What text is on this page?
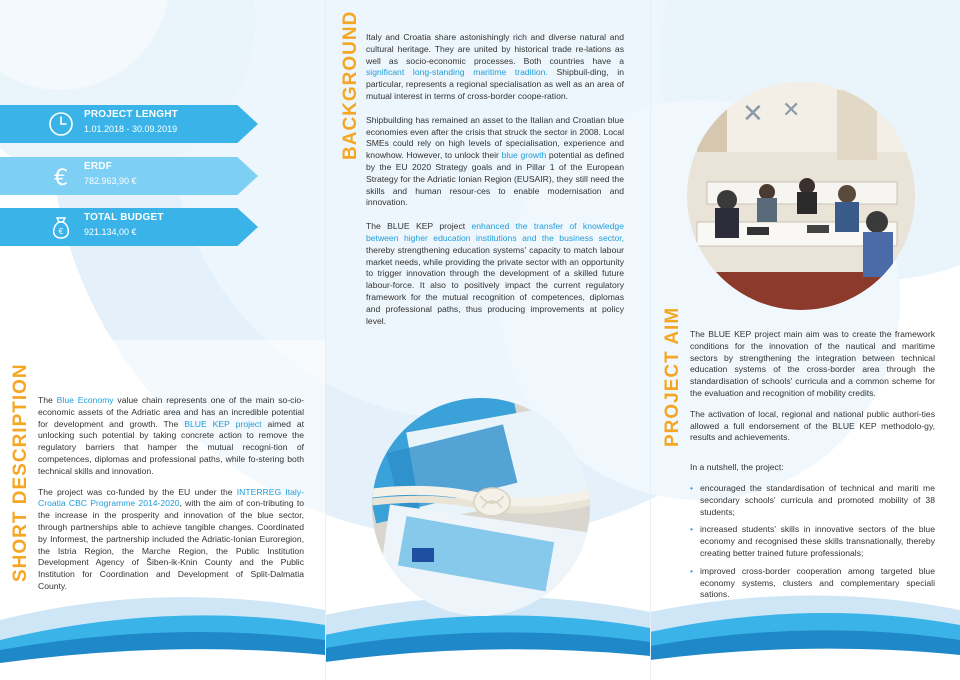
PROJECT LENGHT
1.01.2018 - 30.09.2019
€ ERDF
782.963,90 €
€
TOTAL BUDGET
921.134,00 €
SHORT DESCRIPTION The Blue Economy value chain represents one of the main so-cio-economic assets of the Adriatic area and has an incredible potential for development and growth. The BLUE KEP project aimed at unlocking such potential by taking concrete action to remove the regulatory barriers that hamper the mutual recogni-tion of competences, diplomas and professional paths, while fo-stering both technical skills and innovation.

The project was co-funded by the EU under the INTERREG Italy-Croatia CBC Programme 2014-2020, with the aim of con-tributing to the increase in the prosperity and innovation of the blue sector, through partnerships able to achieve tangible changes. Coordinated by Informest, the partnership included the Adriatic-Ionian Euroregion, the Istria Region, the Marche Region, the Public Institution Development Agency of Šiben-ik-Knin County and the Public Institution for Coordination and Development of Split-Dalmatia County.

BACKGROUND Italy and Croatia share astonishingly rich and diverse natural and cultural heritage. They are united by historical trade re-lations as well as socio-economic processes. Both countries have a significant long-standing maritime tradition. Shipbuil-ding, in particular, represents a regional specialisation as well as an area of mutual interest in terms of cross-border coope-ration.

Shipbuilding has remained an asset to the Italian and Croatian blue economies even after the crisis that struck the sector in 2008. Local SMEs could rely on high levels of specialisation, experience and knowhow. However, to unlock their blue growth potential as defined by the EU 2020 Strategy goals and in Pillar 1 of the European Strategy for the Adriatic Ionian Region (EUSAIR), they still need the skills and human resour-ces to enable modernisation and innovation.

The BLUE KEP project enhanced the transfer of knowledge between higher education institutions and the business sector, thereby strengthening education systems' capacity to match labour market needs, while providing the private sector with an opportunity to trigger innovation through the development of a skilled future labour-force. It also to positively impact the current regulatory framework for the mutual recognition of competences, diplomas and professional paths, thus producing improvements at policy level.

✕ ✕
PROJECT AIM The BLUE KEP project main aim was to create the framework conditions for the innovation of the nautical and maritime sectors by strengthening the integration between technical education systems of the cross-border area through the standardisation of schools' curricula and a common scheme for the evaluation and recognition of mobility credits.

The activation of local, regional and national public authori-ties allowed a full endorsement of the BLUE KEP methodolo-gy, results and achievements.

In a nutshell, the project:

• encouraged the standardisation of technical and mariti me secondary schools' curricula and promoted mobility of 38 students;
• increased students' skills in innovative sectors of the blue economy and recognised these skills transnationally, thereby creating better trained future professionals;
• improved cross-border cooperation among targeted blue economy systems, clusters and complementary speciali sations.
